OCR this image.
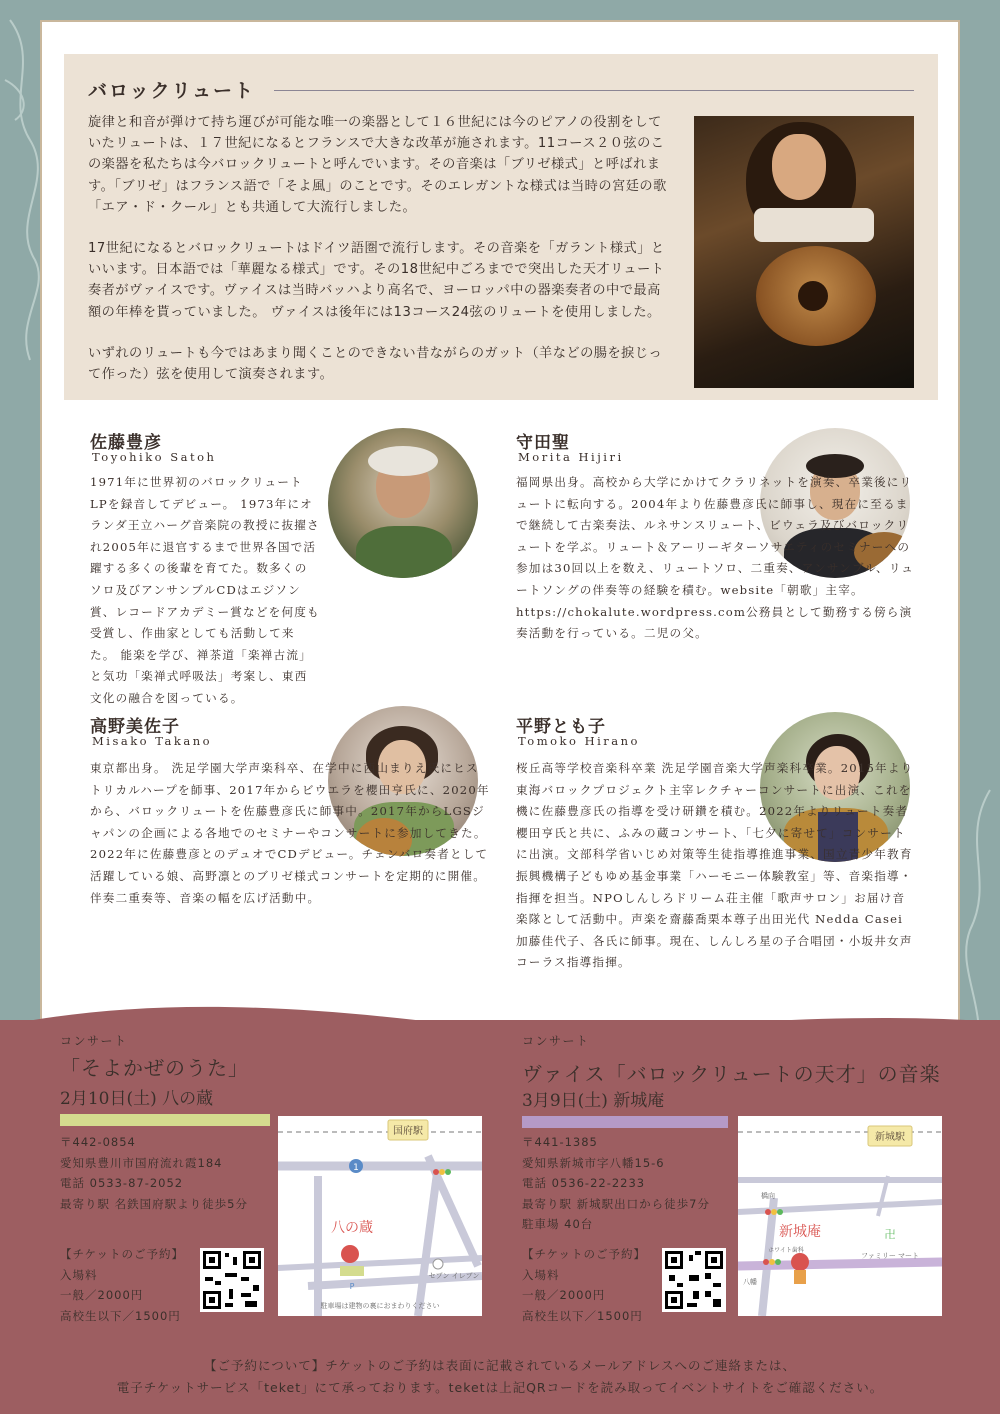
バロックリュート

旋律と和音が弾けて持ち運びが可能な唯一の楽器として１６世紀には今のピアノの役割をしていたリュートは、１７世紀になるとフランスで大きな改革が施されます。11コース２０弦のこの楽器を私たちは今バロックリュートと呼んでいます。その音楽は「ブリゼ様式」と呼ばれます。「ブリゼ」はフランス語で「そよ風」のことです。そのエレガントな様式は当時の宮廷の歌「エア・ド・クール」とも共通して大流行しました。

17世紀になるとバロックリュートはドイツ語圏で流行します。その音楽を「ガラント様式」といいます。日本語では「華麗なる様式」です。その18世紀中ごろまでで突出した天才リュート奏者がヴァイスです。ヴァイスは当時バッハより高名で、ヨーロッパ中の器楽奏者の中で最高額の年棒を貰っていました。 ヴァイスは後年には13コース24弦のリュートを使用しました。

いずれのリュートも今ではあまり聞くことのできない昔ながらのガット（羊などの腸を捩じって作った）弦を使用して演奏されます。

佐藤豊彦
Toyohiko Satoh

1971年に世界初のバロックリュートLPを録音してデビュー。 1973年にオランダ王立ハーグ音楽院の教授に抜擢され2005年に退官するまで世界各国で活躍する多くの後輩を育てた。数多くのソロ及びアンサンブルCDはエジソン賞、レコードアカデミー賞などを何度も受賞し、作曲家としても活動して来た。 能楽を学び、禅茶道「楽禅古流」と気功「楽禅式呼吸法」考案し、東西文化の融合を図っている。

守田聖
Morita Hijiri

福岡県出身。高校から大学にかけてクラリネットを演奏、卒業後にリュートに転向する。2004年より佐藤豊彦氏に師事し、現在に至るまで継続して古楽奏法、ルネサンスリュート、ビウェラ及びバロックリュートを学ぶ。リュート＆アーリーギターソサエティのセミナーへの参加は30回以上を数え、リュートソロ、二重奏、アンサンブル、リュートソングの伴奏等の経験を積む。website「朝歌」主宰。https://chokalute.wordpress.com公務員として勤務する傍ら演奏活動を行っている。二児の父。

高野美佐子
Misako Takano

東京都出身。 洗足学園大学声楽科卒、在学中に西山まりえ氏にヒストリカルハープを師事、2017年からビウエラを櫻田亨氏に、2020年から、バロックリュートを佐藤豊彦氏に師事中。2017年からLGSジャパンの企画による各地でのセミナーやコンサートに参加してきた。2022年に佐藤豊彦とのデュオでCDデビュー。チェンバロ奏者として活躍している娘、高野凛とのブリゼ様式コンサートを定期的に開催。伴奏二重奏等、音楽の幅を広げ活動中。

平野とも子
Tomoko Hirano

桜丘高等学校音楽科卒業 洗足学園音楽大学声楽科卒業。2015年より東海バロックプロジェクト主宰レクチャーコンサートに出演、これを機に佐藤豊彦氏の指導を受け研鑽を積む。2022年よりリュート奏者櫻田亨氏と共に、ふみの蔵コンサート、「七夕に寄せて」コンサートに出演。文部科学省いじめ対策等生徒指導推進事業、国立青少年教育振興機構子どもゆめ基金事業「ハーモニー体験教室」等、音楽指導・指揮を担当。NPOしんしろドリーム荘主催「歌声サロン」お届け音楽隊として活動中。声楽を齋藤喬栗本尊子出田光代 Nedda Casei 加藤佳代子、各氏に師事。現在、しんしろ星の子合唱団・小坂井女声コーラス指導指揮。

コンサート
「そよかぜのうた」
2月10日(土) 八の蔵
〒442-0854
愛知県豊川市国府流れ霞184
電話 0533-87-2052
最寄り駅 名鉄国府駅より徒歩5分
【チケットのご予約】
入場料
一般／2000円
高校生以下／1500円
国府駅
1
八の蔵
P
セブン イレブン
駐車場は建物の裏におまわりください
コンサート
ヴァイス「バロックリュートの天才」の音楽
3月9日(土) 新城庵
〒441-1385
愛知県新城市字八幡15-6
電話 0536-22-2233
最寄り駅 新城駅出口から徒歩7分
駐車場 40台
【チケットのご予約】
入場料
一般／2000円
高校生以下／1500円
新城駅
橋向
新城庵
ホワイト歯科
卍
ファミリー マート
八幡
【ご予約について】チケットのご予約は表面に記載されているメールアドレスへのご連絡または、
電子チケットサービス「teket」にて承っております。teketは上記QRコードを読み取ってイベントサイトをご確認ください。
